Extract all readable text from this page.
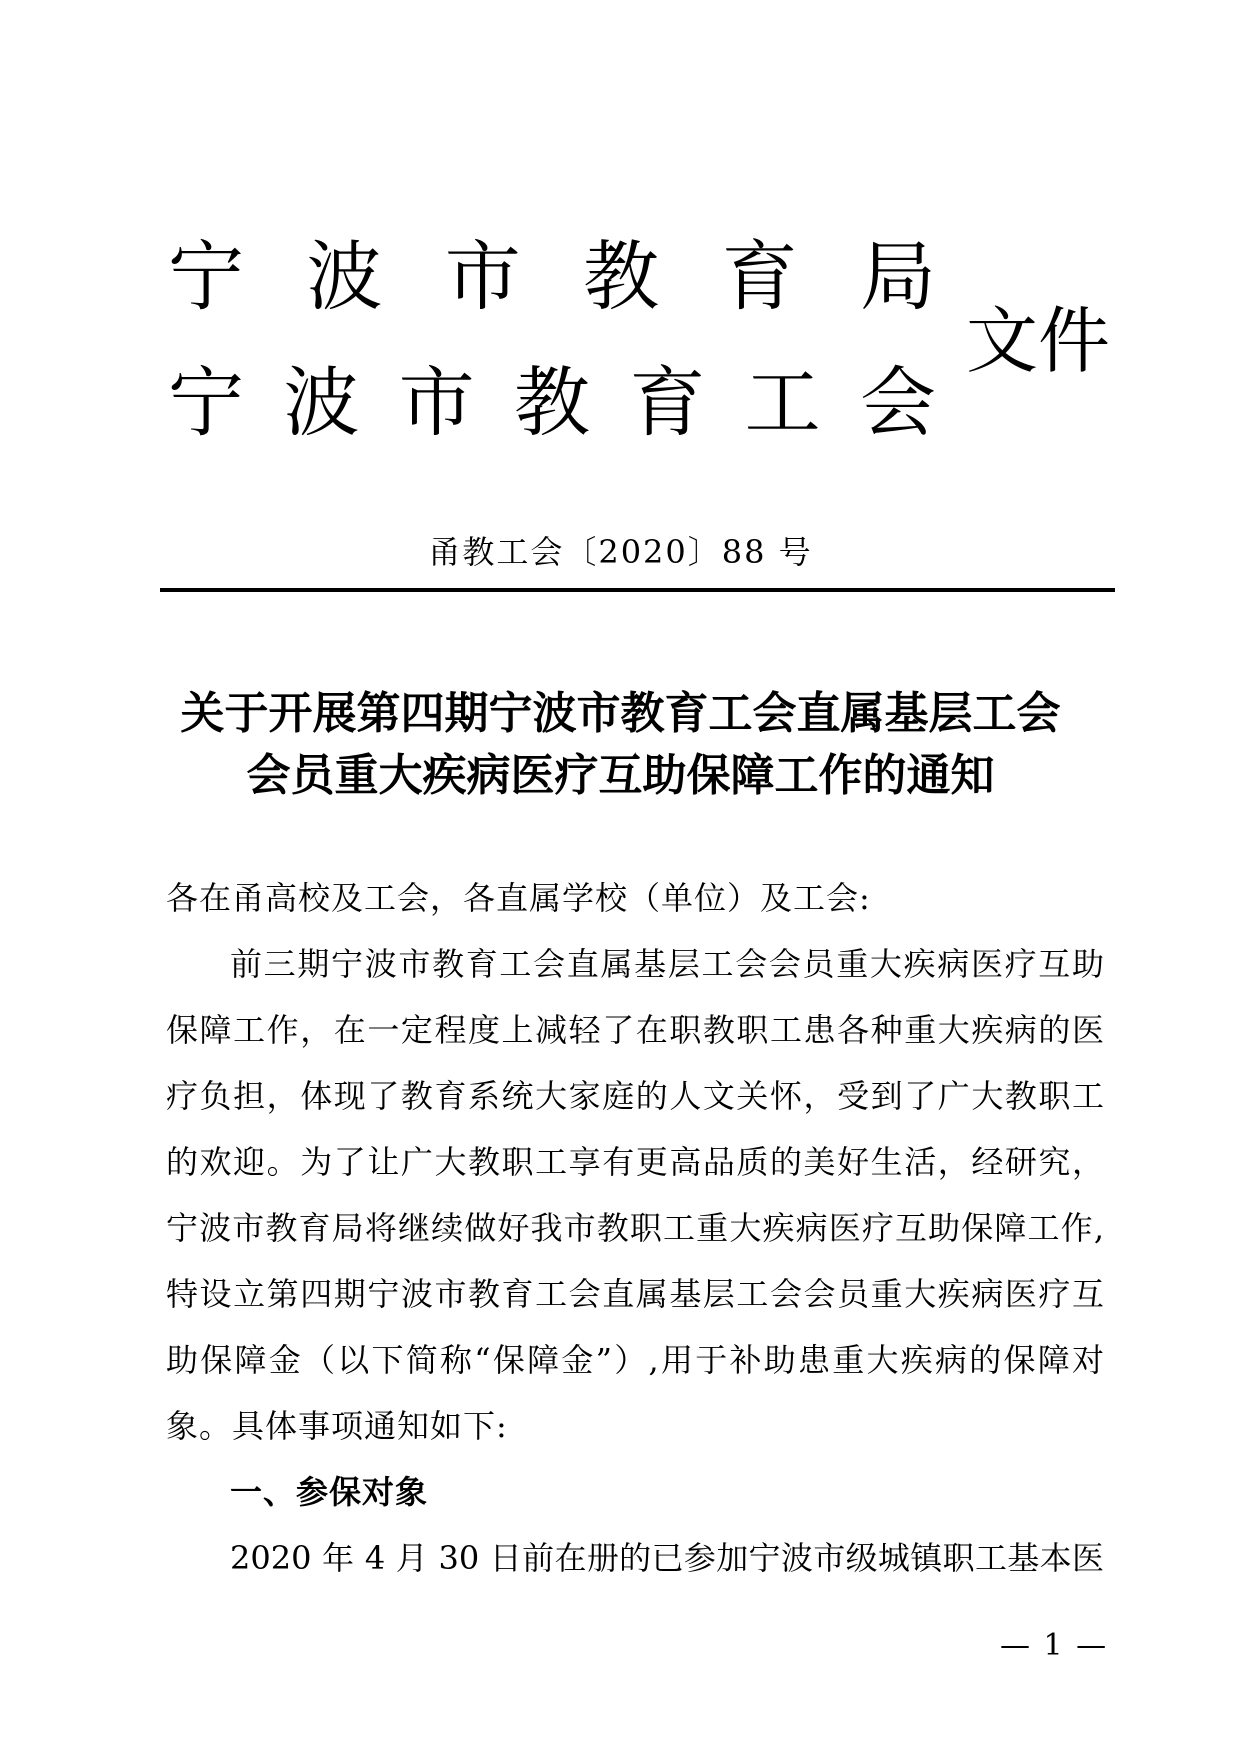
宁 波 市 教 育 局
宁 波 市 教 育 工 会
文件
甬教工会〔2020〕88 号
关于开展第四期宁波市教育工会直属基层工会
会员重大疾病医疗互助保障工作的通知
各在甬高校及工会，各直属学校（单位）及工会:
前三期宁波市教育工会直属基层工会会员重大疾病医疗互助
保障工作，在一定程度上减轻了在职教职工患各种重大疾病的医
疗负担，体现了教育系统大家庭的人文关怀，受到了广大教职工
的欢迎。为了让广大教职工享有更高品质的美好生活，经研究，
宁波市教育局将继续做好我市教职工重大疾病医疗互助保障工作,
特设立第四期宁波市教育工会直属基层工会会员重大疾病医疗互
助保障金（以下简称“保障金”）,用于补助患重大疾病的保障对
象。具体事项通知如下:
一、参保对象
2020 年 4 月 30 日前在册的已参加宁波市级城镇职工基本医
— 1 —
